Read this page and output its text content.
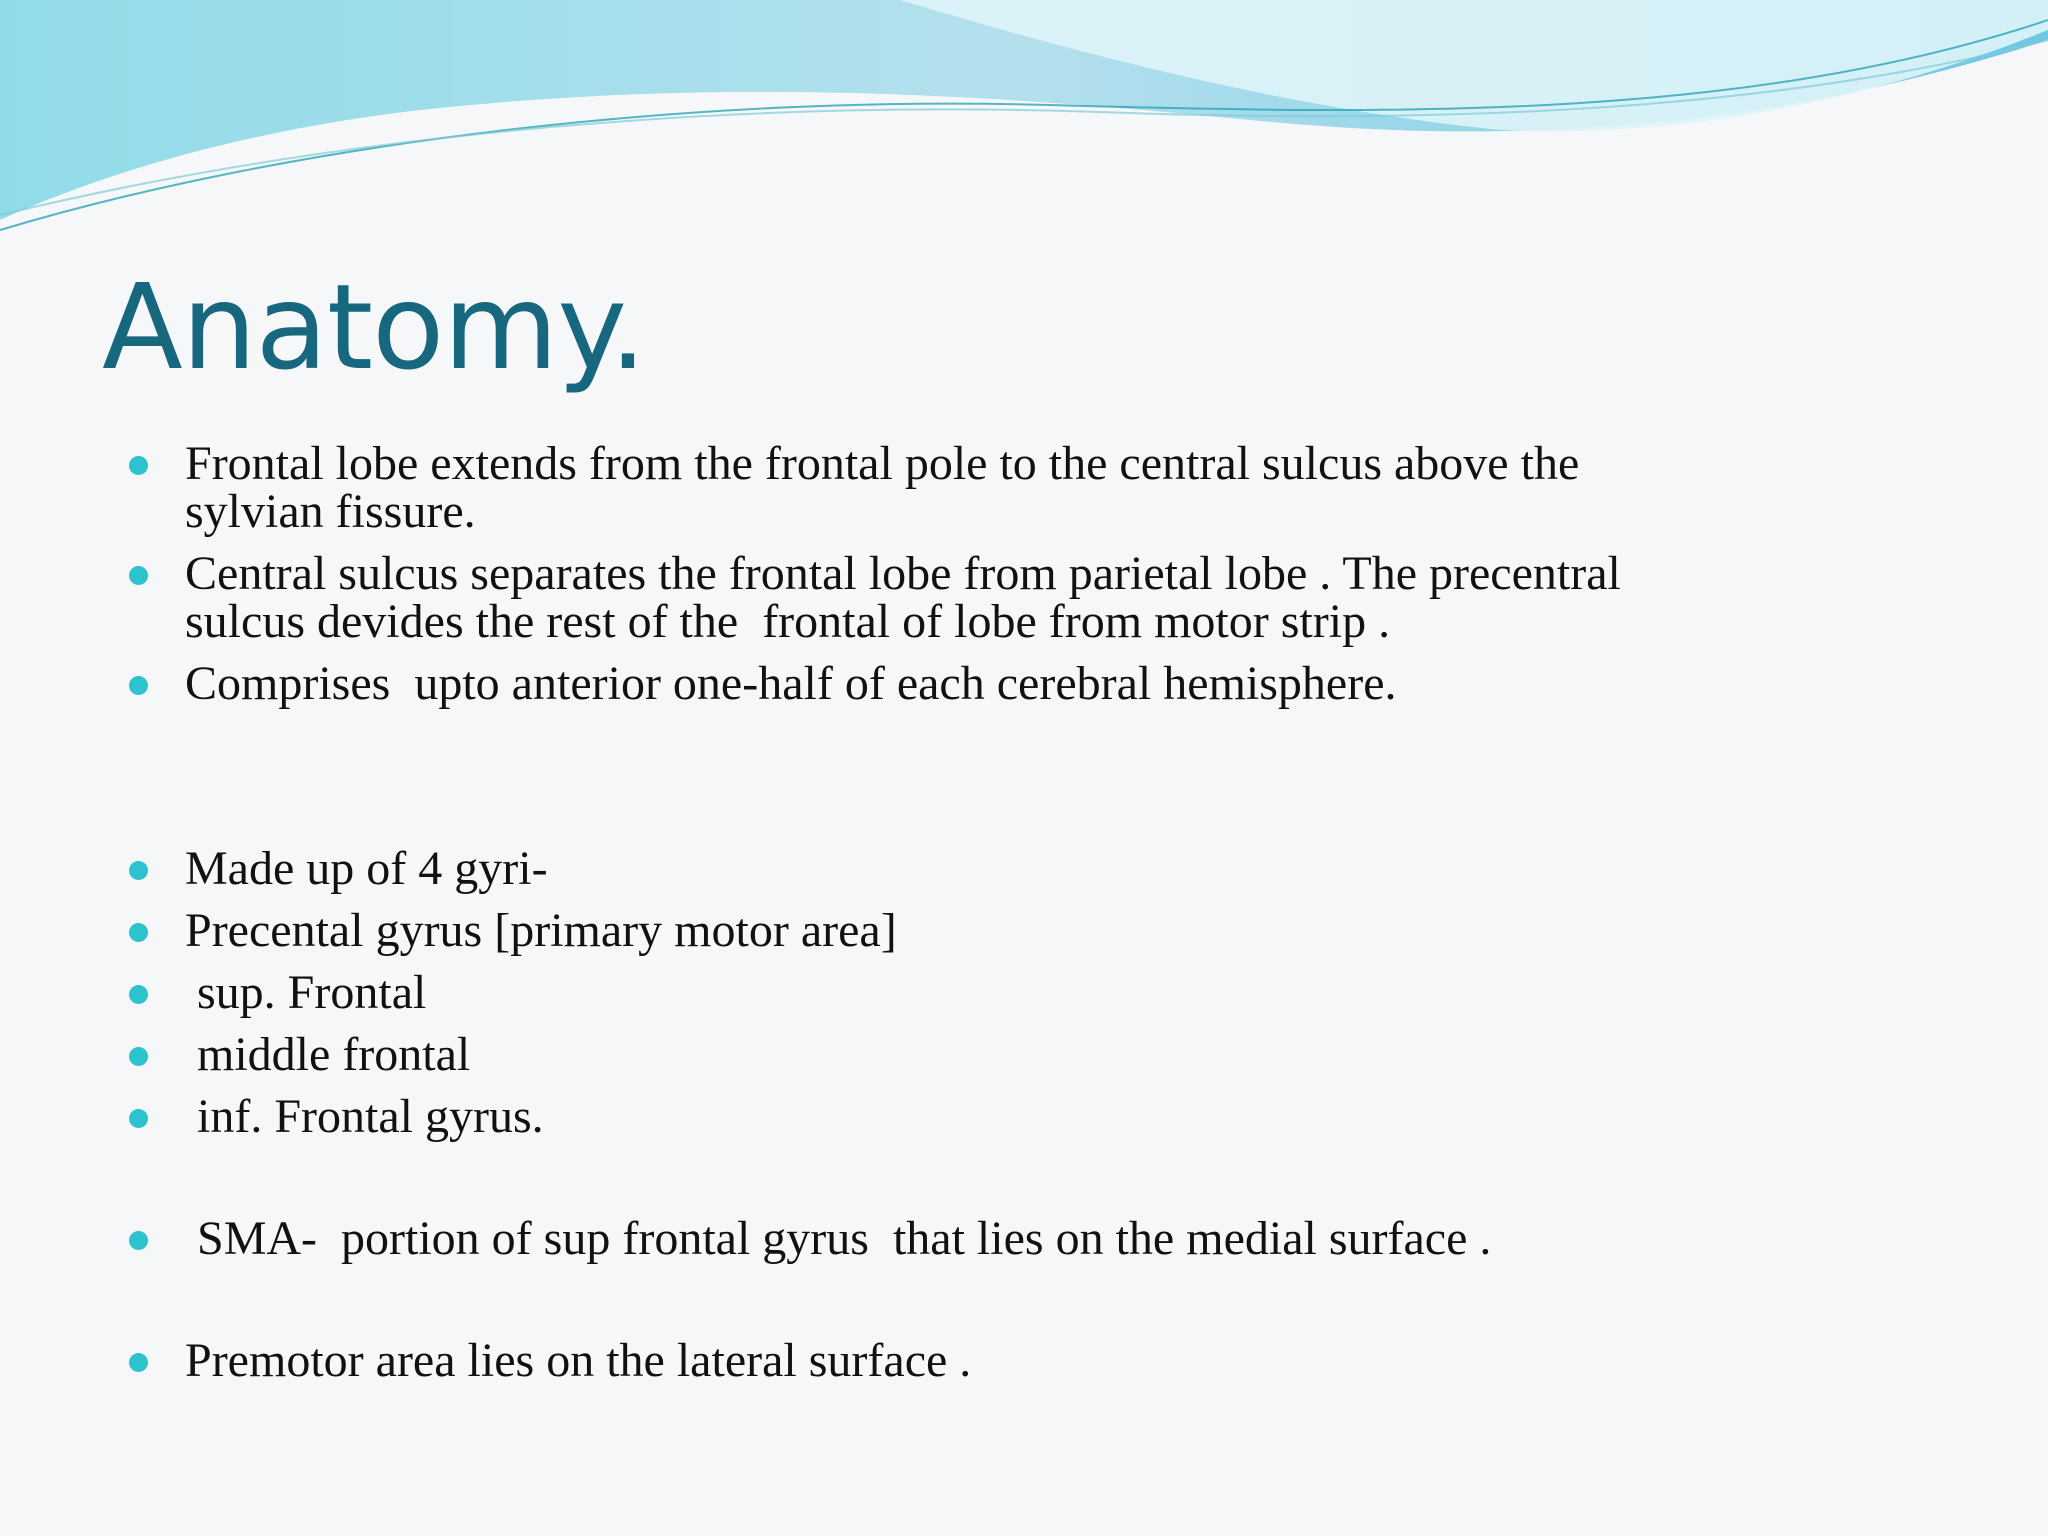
Anatomy.
Frontal lobe extends from the frontal pole to the central sulcus above the
sylvian fissure.
Central sulcus separates the frontal lobe from parietal lobe . The precentral
sulcus devides the rest of the  frontal of lobe from motor strip .
Comprises  upto anterior one-half of each cerebral hemisphere.
Made up of 4 gyri-
Precental gyrus [primary motor area]
sup. Frontal
middle frontal
inf. Frontal gyrus.
SMA-  portion of sup frontal gyrus  that lies on the medial surface .
Premotor area lies on the lateral surface .
